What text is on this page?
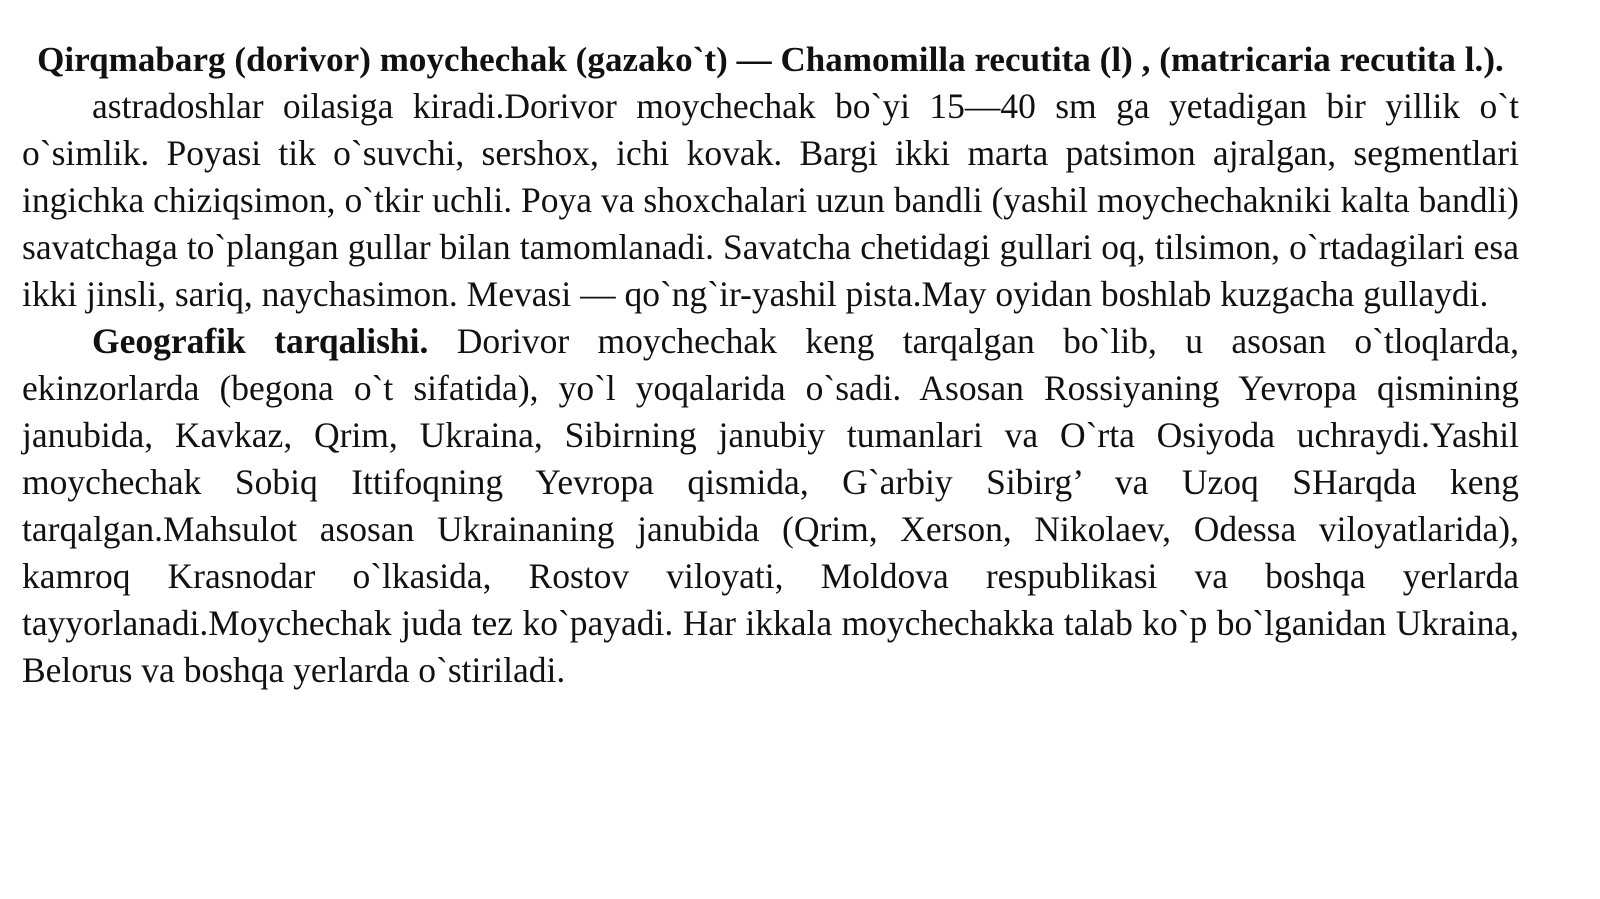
Qirqmabarg (dorivor) moychechak (gazako`t) — Chamomilla recutita (l) , (matricaria recutita l.).

astradoshlar oilasiga kiradi.Dorivor moychechak bo`yi 15—40 sm ga yetadigan bir yillik o`t o`simlik. Poyasi tik o`suvchi, sershox, ichi kovak. Bargi ikki marta patsimon ajralgan, segmentlari ingichka chiziqsimon, o`tkir uchli. Poya va shoxchalari uzun bandli (yashil moychechakniki kalta bandli) savatchaga to`plangan gullar bilan tamomlanadi. Savatcha chetidagi gullari oq, tilsimon, o`rtadagilari esa ikki jinsli, sariq, naychasimon. Mevasi — qo`ng`ir-yashil pista.May oyidan boshlab kuzgacha gullaydi.

Geografik tarqalishi. Dorivor moychechak keng tarqalgan bo`lib, u asosan o`tloqlarda, ekinzorlarda (begona o`t sifatida), yo`l yoqalarida o`sadi. Asosan Rossiyaning Yevropa qismining janubida, Kavkaz, Qrim, Ukraina, Sibirning janubiy tumanlari va O`rta Osiyoda uchraydi.Yashil moychechak Sobiq Ittifoqning Yevropa qismida, G`arbiy Sibirg’ va Uzoq SHarqda keng tarqalgan.Mahsulot asosan Ukrainaning janubida (Qrim, Xerson, Nikolaev, Odessa viloyatlarida), kamroq Krasnodar o`lkasida, Rostov viloyati, Moldova respublikasi va boshqa yerlarda tayyorlanadi.Moychechak juda tez ko`payadi. Har ikkala moychechakka talab ko`p bo`lganidan Ukraina, Belorus va boshqa yerlarda o`stiriladi.
